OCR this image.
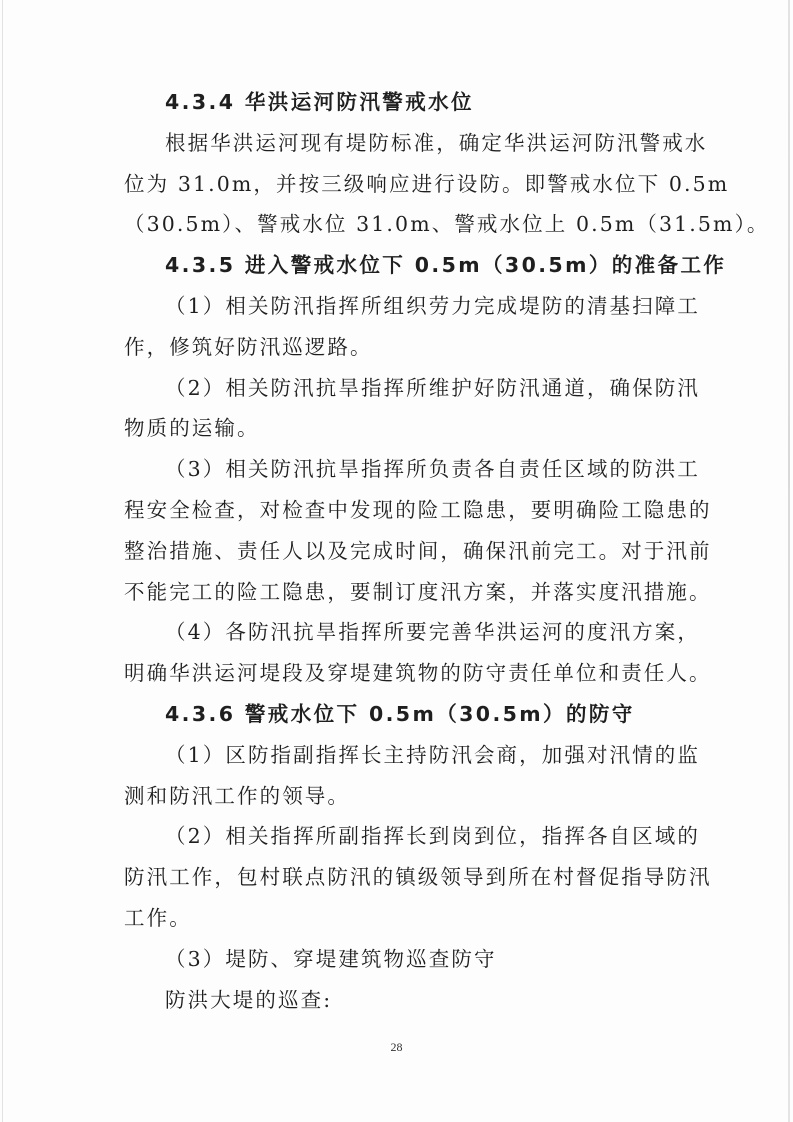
4.3.4 华洪运河防汛警戒水位
根据华洪运河现有堤防标准，确定华洪运河防汛警戒水
位为 31.0m，并按三级响应进行设防。即警戒水位下 0.5m
（30.5m）、警戒水位 31.0m、警戒水位上 0.5m（31.5m）。
4.3.5 进入警戒水位下 0.5m（30.5m）的准备工作
（1）相关防汛指挥所组织劳力完成堤防的清基扫障工
作，修筑好防汛巡逻路。
（2）相关防汛抗旱指挥所维护好防汛通道，确保防汛
物质的运输。
（3）相关防汛抗旱指挥所负责各自责任区域的防洪工
程安全检查，对检查中发现的险工隐患，要明确险工隐患的
整治措施、责任人以及完成时间，确保汛前完工。对于汛前
不能完工的险工隐患，要制订度汛方案，并落实度汛措施。
（4）各防汛抗旱指挥所要完善华洪运河的度汛方案，
明确华洪运河堤段及穿堤建筑物的防守责任单位和责任人。
4.3.6 警戒水位下 0.5m（30.5m）的防守
（1）区防指副指挥长主持防汛会商，加强对汛情的监
测和防汛工作的领导。
（2）相关指挥所副指挥长到岗到位，指挥各自区域的
防汛工作，包村联点防汛的镇级领导到所在村督促指导防汛
工作。
（3）堤防、穿堤建筑物巡查防守
防洪大堤的巡查:
28
